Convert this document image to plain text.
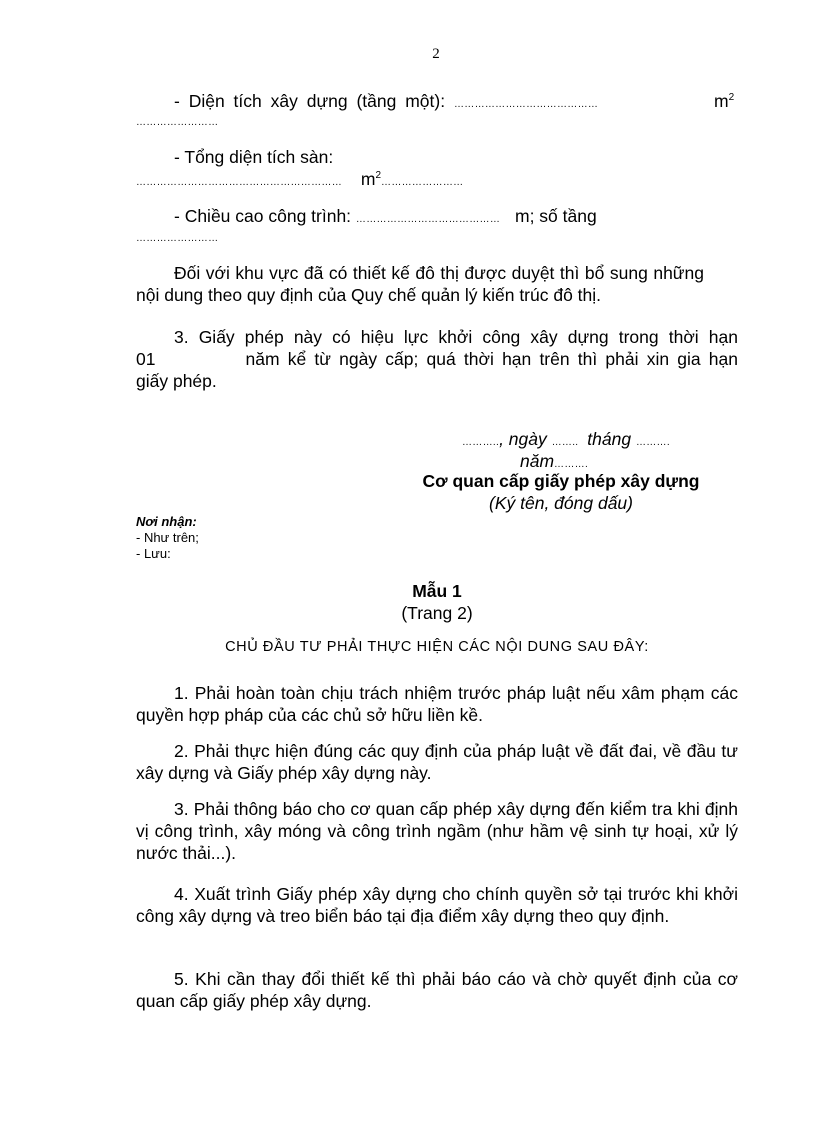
2
- Diện tích xây dựng (tầng một): ……………………………………	$m^2$
……………………
- Tổng diện tích sàn:
…………………………………………………… $m^2\dots\dots\dots\dots\dots\dots\dots\dots$
- Chiều cao công trình: …………………………………… m; số tầng
……………………
Đối với khu vực đã có thiết kế đô thị được duyệt thì bổ sung những nội dung theo quy định của Quy chế quản lý kiến trúc đô thị.
3. Giấy phép này có hiệu lực khởi công xây dựng trong thời hạn
01           năm kể từ ngày cấp; quá thời hạn trên thì phải xin gia hạn
giấy phép.
……….., ngày …….. tháng ……….
năm……….
Cơ quan cấp giấy phép xây dựng
(Ký tên, đóng dấu)
Nơi nhận:
- Như trên;
- Lưu:
Mẫu 1
(Trang 2)
CHỦ ĐẦU TƯ PHẢI THỰC HIỆN CÁC NỘI DUNG SAU ĐÂY:
1. Phải hoàn toàn chịu trách nhiệm trước pháp luật nếu xâm phạm các quyền hợp pháp của các chủ sở hữu liền kề.
2. Phải thực hiện đúng các quy định của pháp luật về đất đai, về đầu tư xây dựng và Giấy phép xây dựng này.
3. Phải thông báo cho cơ quan cấp phép xây dựng đến kiểm tra khi định vị công trình, xây móng và công trình ngầm (như hầm vệ sinh tự hoại, xử lý nước thải...).
4. Xuất trình Giấy phép xây dựng cho chính quyền sở tại trước khi khởi công xây dựng và treo biển báo tại địa điểm xây dựng theo quy định.
5. Khi cần thay đổi thiết kế thì phải báo cáo và chờ quyết định của cơ quan cấp giấy phép xây dựng.
